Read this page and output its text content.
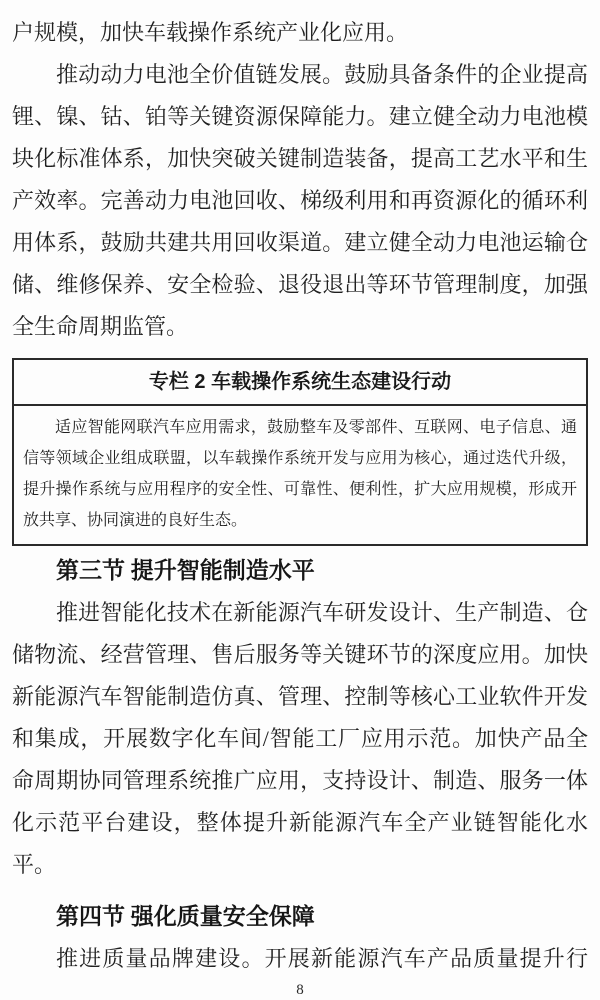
户规模，加快车载操作系统产业化应用。
推动动力电池全价值链发展。鼓励具备条件的企业提高
锂、镍、钴、铂等关键资源保障能力。建立健全动力电池模
块化标准体系，加快突破关键制造装备，提高工艺水平和生
产效率。完善动力电池回收、梯级利用和再资源化的循环利
用体系，鼓励共建共用回收渠道。建立健全动力电池运输仓
储、维修保养、安全检验、退役退出等环节管理制度，加强
全生命周期监管。
专栏 2 车载操作系统生态建设行动
适应智能网联汽车应用需求，鼓励整车及零部件、互联网、电子信息、通
信等领域企业组成联盟，以车载操作系统开发与应用为核心，通过迭代升级，
提升操作系统与应用程序的安全性、可靠性、便利性，扩大应用规模，形成开
放共享、协同演进的良好生态。
第三节 提升智能制造水平
推进智能化技术在新能源汽车研发设计、生产制造、仓
储物流、经营管理、售后服务等关键环节的深度应用。加快
新能源汽车智能制造仿真、管理、控制等核心工业软件开发
和集成，开展数字化车间/智能工厂应用示范。加快产品全
命周期协同管理系统推广应用，支持设计、制造、服务一体
化示范平台建设，整体提升新能源汽车全产业链智能化水
平。
第四节 强化质量安全保障
推进质量品牌建设。开展新能源汽车产品质量提升行
8
